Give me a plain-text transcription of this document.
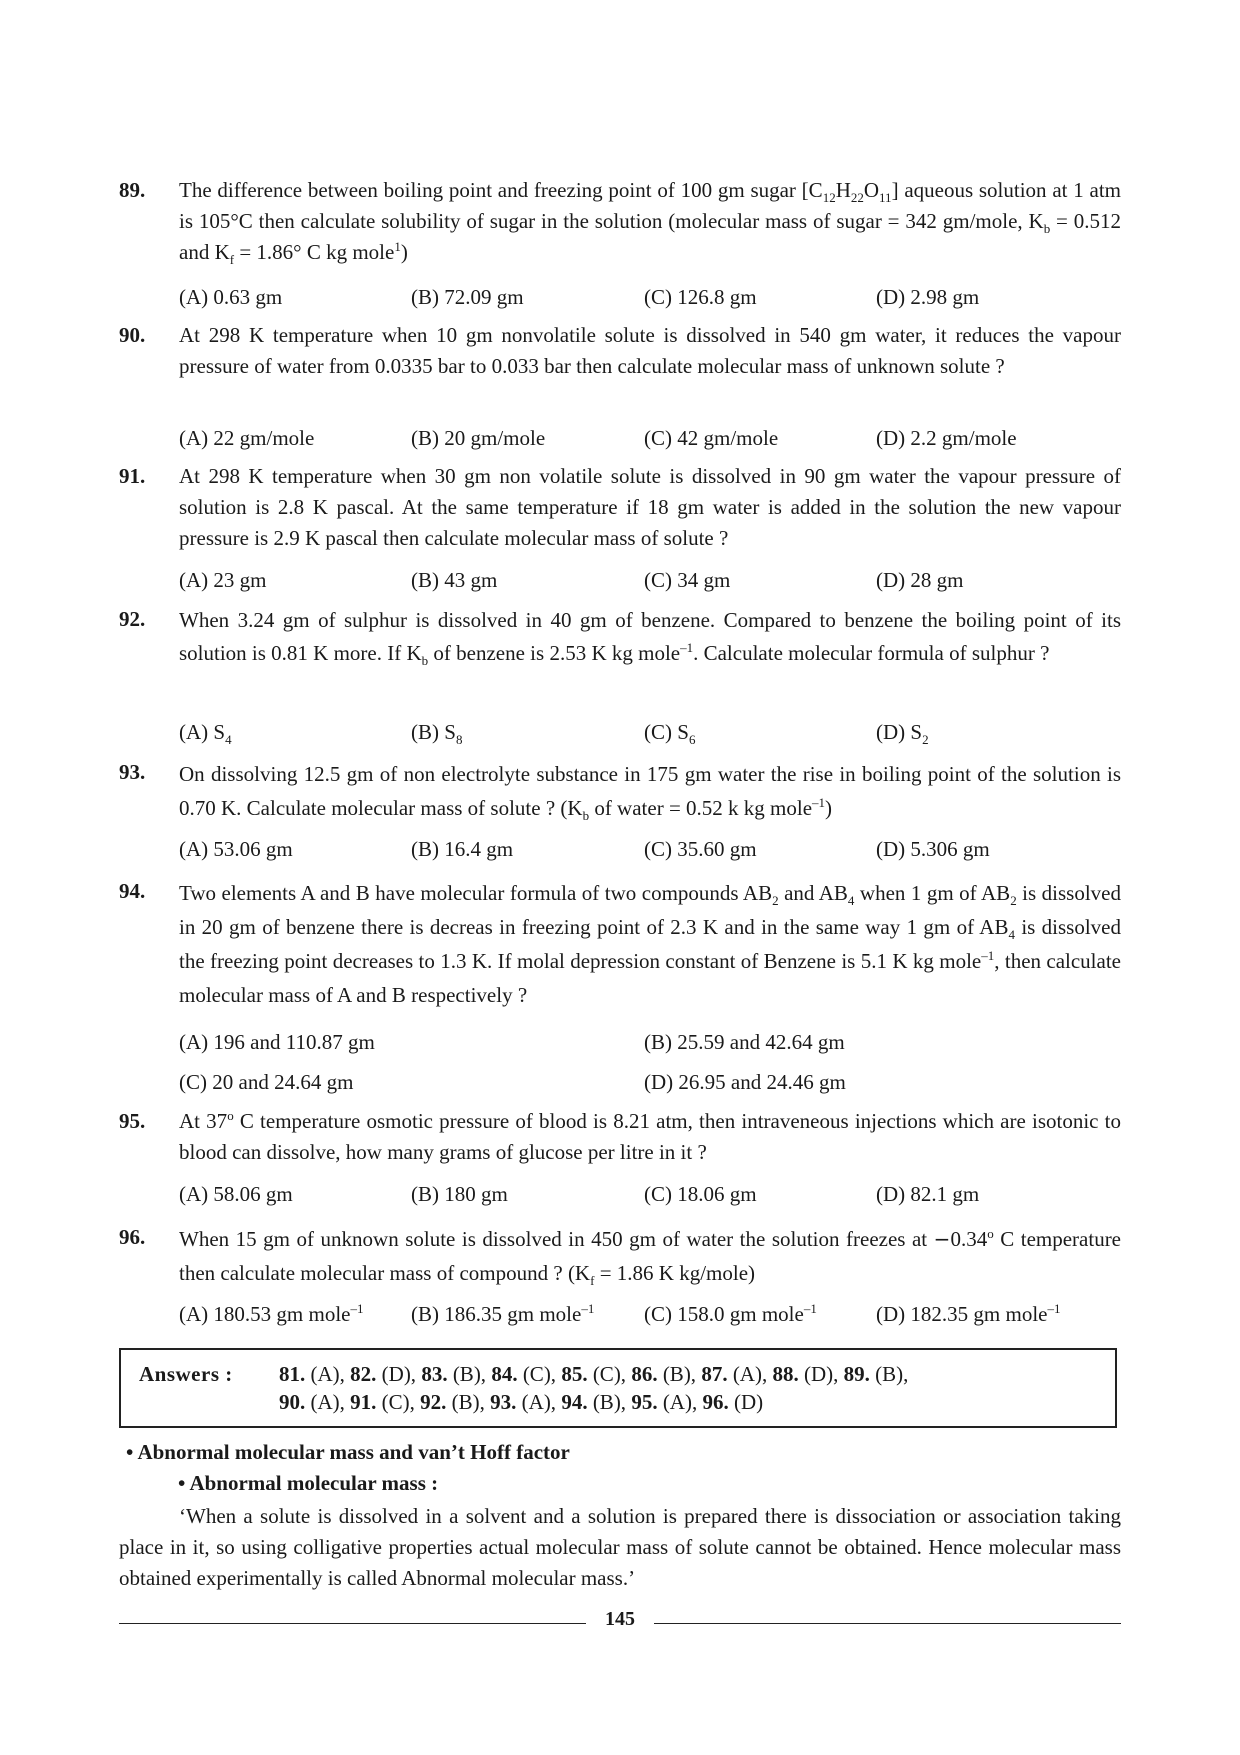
89. The difference between boiling point and freezing point of 100 gm sugar $[C_{12}H_{22}O_{11}]$ aqueous solution at 1 atm is 105°C then calculate solubility of sugar in the solution (molecular mass of sugar = 342 gm/mole, $K_b = 0.512$ and $K_f = 1.86^\circ$ C kg mole$^1$)
(A) 0.63 gm	(B) 72.09 gm	(C) 126.8 gm	(D) 2.98 gm
90. At 298 K temperature when 10 gm nonvolatile solute is dissolved in 540 gm water, it reduces the vapour pressure of water from 0.0335 bar to 0.033 bar then calculate molecular mass of unknown solute ?
(A) 22 gm/mole	(B) 20 gm/mole	(C) 42 gm/mole	(D) 2.2 gm/mole
91. At 298 K temperature when 30 gm non volatile solute is dissolved in 90 gm water the vapour pressure of solution is 2.8 K pascal. At the same temperature if 18 gm water is added in the solution the new vapour pressure is 2.9 K pascal then calculate molecular mass of solute ?
(A) 23 gm	(B) 43 gm	(C) 34 gm	(D) 28 gm
92. When 3.24 gm of sulphur is dissolved in 40 gm of benzene. Compared to benzene the boiling point of its solution is 0.81 K more. If $K_b$ of benzene is 2.53 K kg mole$^{-1}$. Calculate molecular formula of sulphur ?
(A) $S_4$	(B) $S_8$	(C) $S_6$	(D) $S_2$
93. On dissolving 12.5 gm of non electrolyte substance in 175 gm water the rise in boiling point of the solution is 0.70 K. Calculate molecular mass of solute ? ($K_b$ of water = 0.52 k kg mole$^{-1}$)
(A) 53.06 gm	(B) 16.4 gm	(C) 35.60 gm	(D) 5.306 gm
94. Two elements A and B have molecular formula of two compounds $AB_2$ and $AB_4$ when 1 gm of $AB_2$ is dissolved in 20 gm of benzene there is decreas in freezing point of 2.3 K and in the same way 1 gm of $AB_4$ is dissolved the freezing point decreases to 1.3 K. If molal depression constant of Benzene is 5.1 K kg mole$^{-1}$, then calculate molecular mass of A and B respectively ?
(A) 196 and 110.87 gm	(B) 25.59 and 42.64 gm
(C) 20 and 24.64 gm	(D) 26.95 and 24.46 gm
95. At 37$^o$ C temperature osmotic pressure of blood is 8.21 atm, then intraveneous injections which are isotonic to blood can dissolve, how many grams of glucose per litre in it ?
(A) 58.06 gm	(B) 180 gm	(C) 18.06 gm	(D) 82.1 gm
96. When 15 gm of unknown solute is dissolved in 450 gm of water the solution freezes at $-0.34^o$ C temperature then calculate molecular mass of compound ? ($K_f = 1.86$ K kg/mole)
(A) 180.53 gm mole$^{-1}$ (B) 186.35 gm mole$^{-1}$ (C) 158.0 gm mole$^{-1}$	(D) 182.35 gm mole$^{-1}$
Answers : 81. (A), 82. (D), 83. (B), 84. (C), 85. (C), 86. (B), 87. (A), 88. (D), 89. (B),
90. (A), 91. (C), 92. (B), 93. (A), 94. (B), 95. (A), 96. (D)
• Abnormal molecular mass and van’t Hoff factor
• Abnormal molecular mass :
‘When a solute is dissolved in a solvent and a solution is prepared there is dissociation or association taking place in it, so using colligative properties actual molecular mass of solute cannot be obtained. Hence molecular mass obtained experimentally is called Abnormal molecular mass.’
145
